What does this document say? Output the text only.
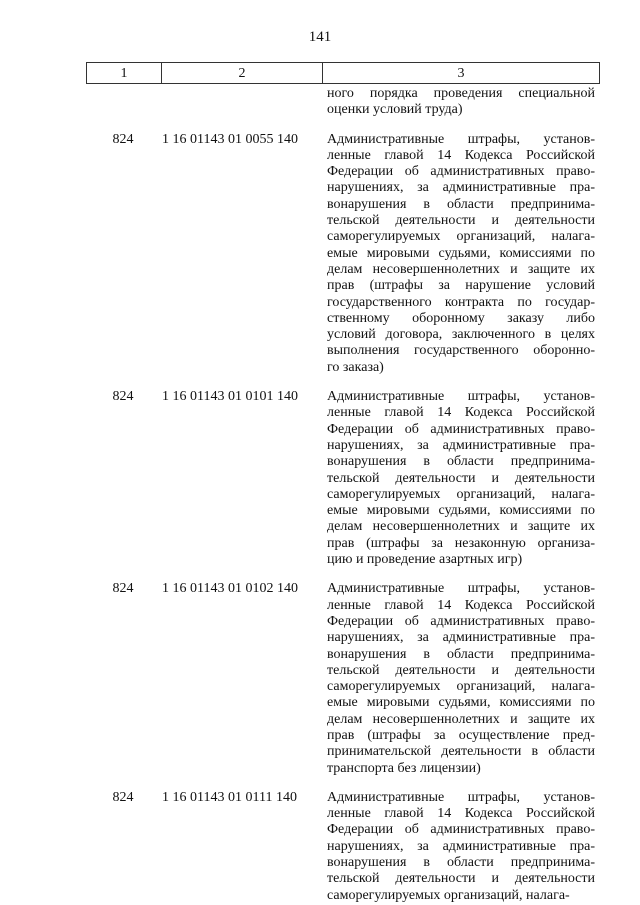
141
1	2	3
ного порядка проведения специальной
оценки условий труда)
824	1 16 01143 01 0055 140	Административные штрафы, установ-
ленные главой 14 Кодекса Российской
Федерации об административных право-
нарушениях, за административные пра-
вонарушения в области предпринима-
тельской деятельности и деятельности
саморегулируемых организаций, налага-
емые мировыми судьями, комиссиями по
делам несовершеннолетних и защите их
прав (штрафы за нарушение условий
государственного контракта по государ-
ственному оборонному заказу либо
условий договора, заключенного в целях
выполнения государственного оборонно-
го заказа)
824	1 16 01143 01 0101 140	Административные штрафы, установ-
ленные главой 14 Кодекса Российской
Федерации об административных право-
нарушениях, за административные пра-
вонарушения в области предпринима-
тельской деятельности и деятельности
саморегулируемых организаций, налага-
емые мировыми судьями, комиссиями по
делам несовершеннолетних и защите их
прав (штрафы за незаконную организа-
цию и проведение азартных игр)
824	1 16 01143 01 0102 140	Административные штрафы, установ-
ленные главой 14 Кодекса Российской
Федерации об административных право-
нарушениях, за административные пра-
вонарушения в области предпринима-
тельской деятельности и деятельности
саморегулируемых организаций, налага-
емые мировыми судьями, комиссиями по
делам несовершеннолетних и защите их
прав (штрафы за осуществление пред-
принимательской деятельности в области
транспорта без лицензии)
824	1 16 01143 01 0111 140	Административные штрафы, установ-
ленные главой 14 Кодекса Российской
Федерации об административных право-
нарушениях, за административные пра-
вонарушения в области предпринима-
тельской деятельности и деятельности
саморегулируемых организаций, налага-
